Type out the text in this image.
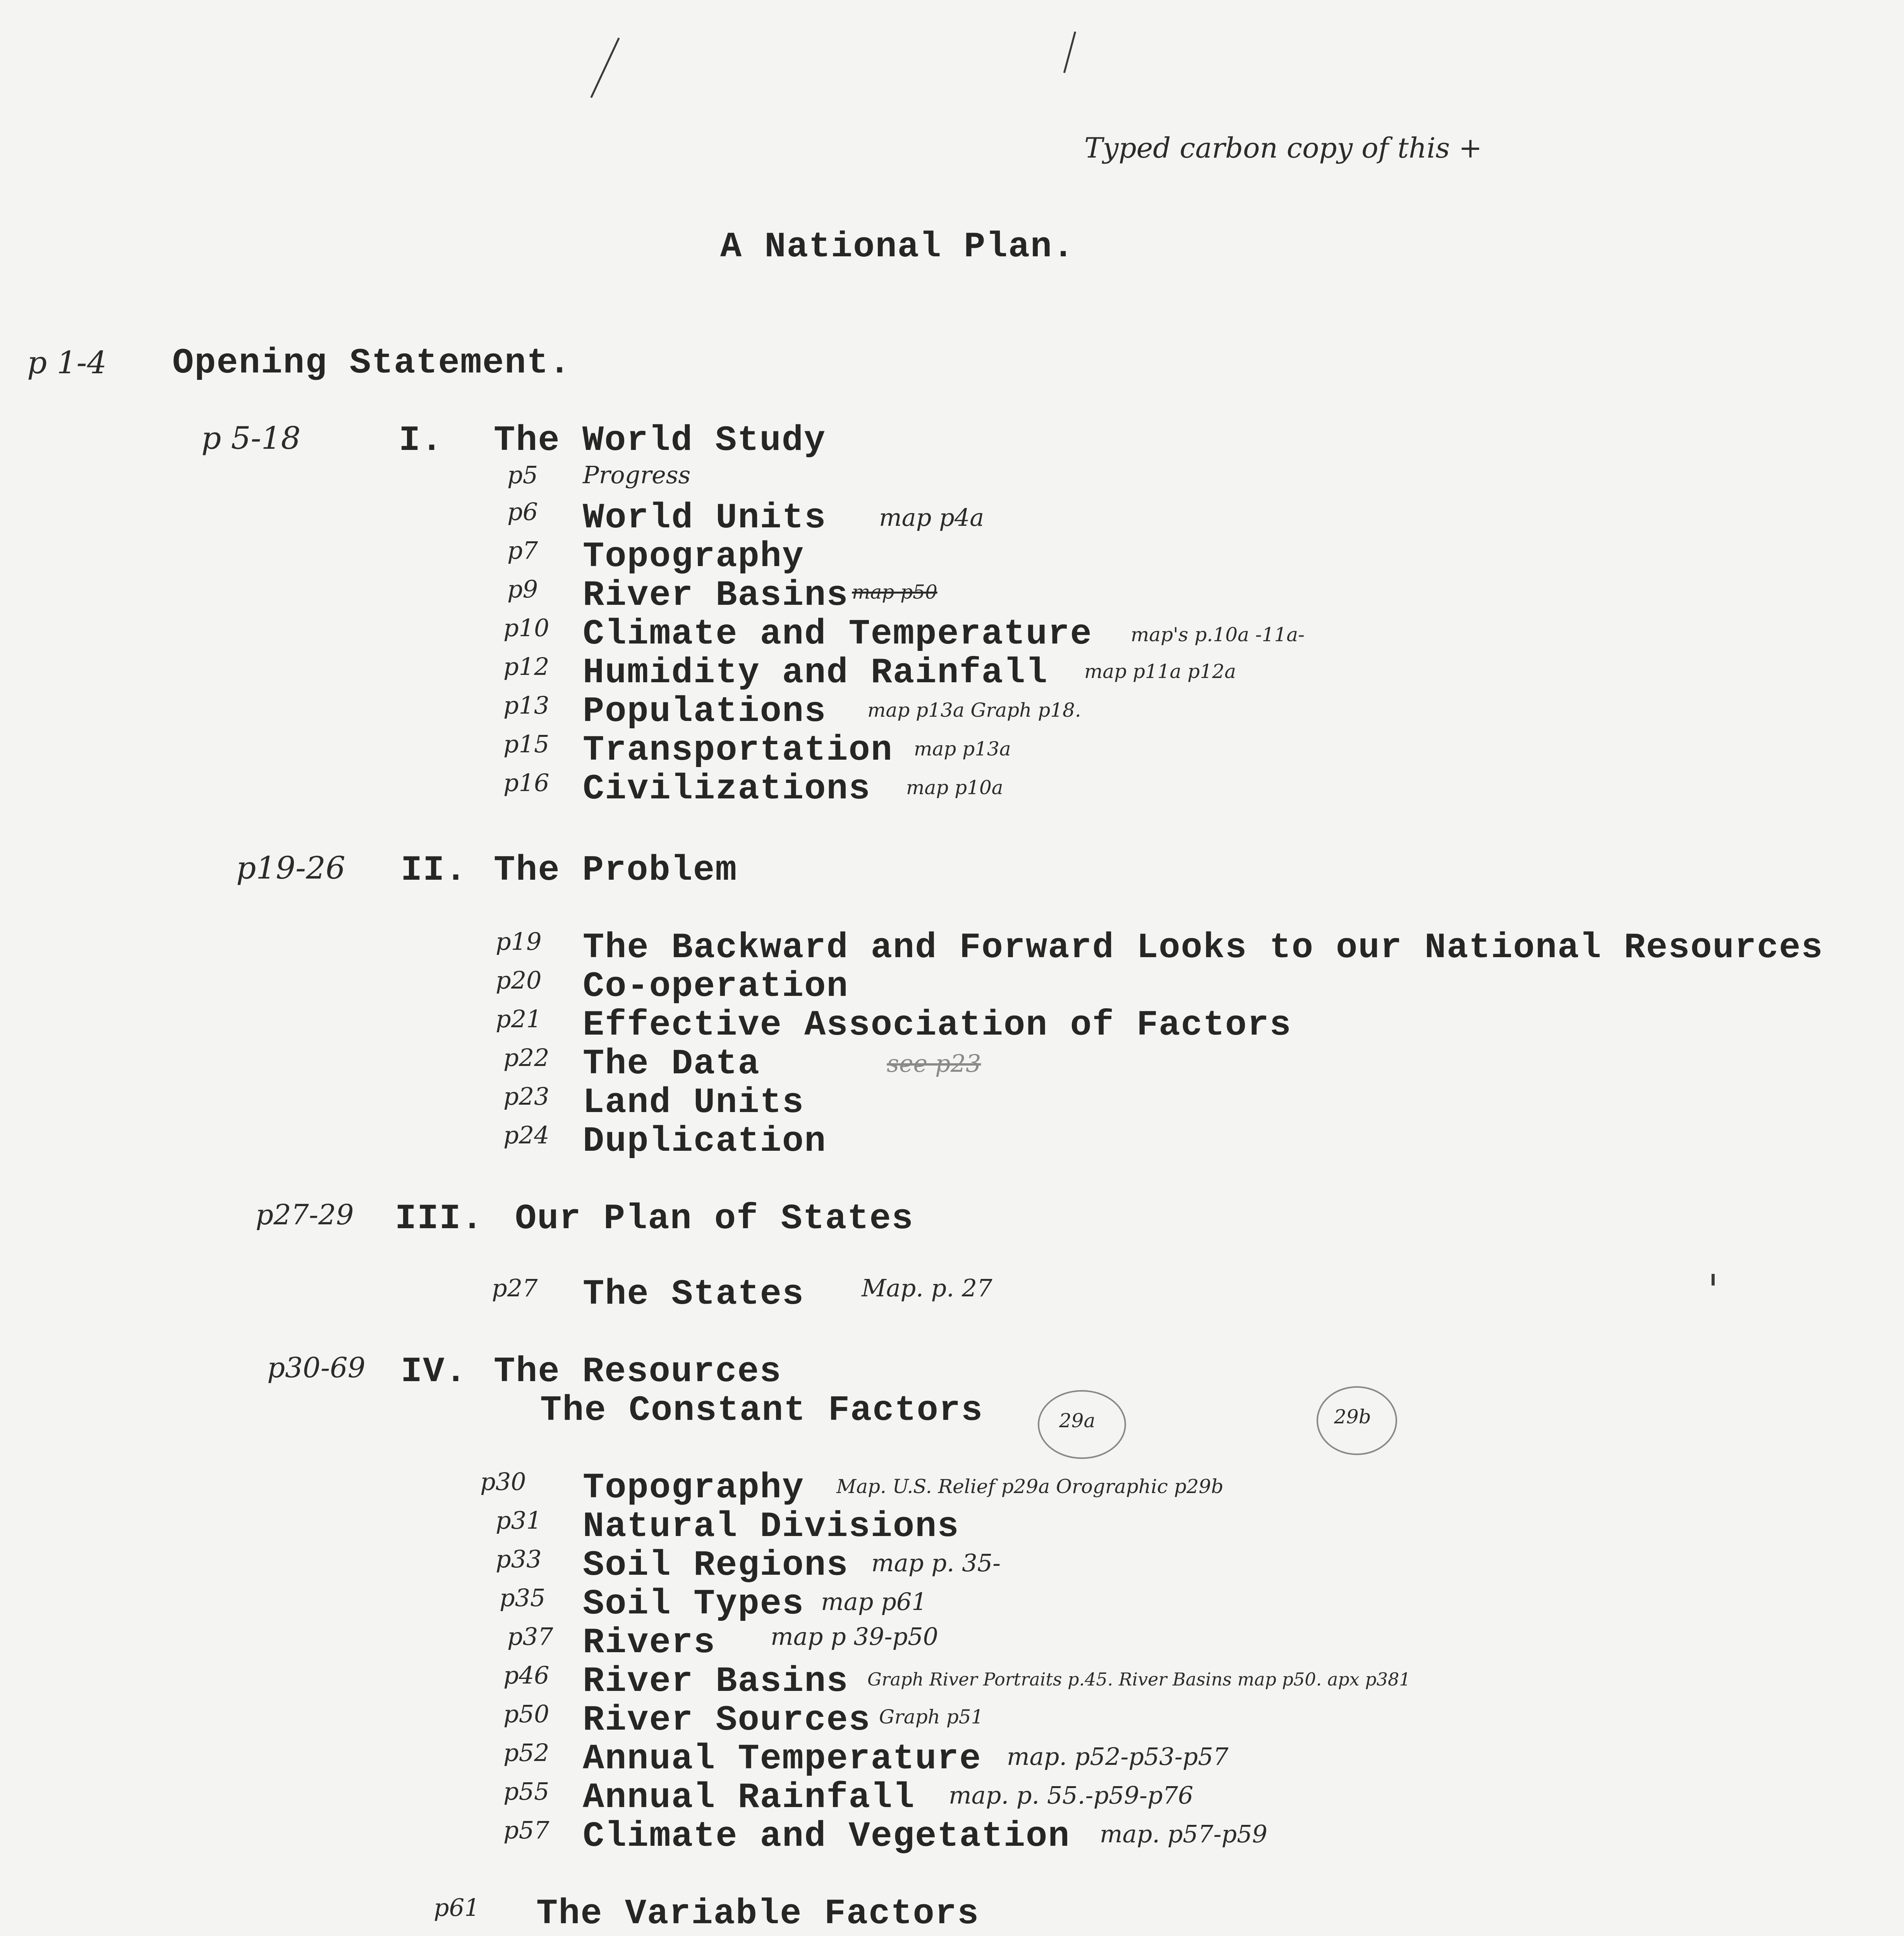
Typed carbon copy of this +
A National Plan.
p 1-4 Opening Statement.
p 5-18	I. The World Study
p5 Progress
p6 World Units map p4a
p7 Topography
p9 River Basins map p50
p10 Climate and Temperature map's p.10a -11a-
p12 Humidity and Rainfall map p11a p12a
p13 Populations map p13a Graph p18.
p15 Transportation map p13a
p16 Civilizations map p10a
p19-26 II. The Problem
p19 The Backward and Forward Looks to our National Resources
p20 Co-operation
p21 Effective Association of Factors
p22 The Data	see p23
p23 Land Units
p24 Duplication
p27-29 III. Our Plan of States
p27 The States Map. p. 27
p30-69 IV. The Resources
The Constant Factors	29a	29b
p30 Topography Map. U.S. Relief p29a Orographic p29b
p31 Natural Divisions
p33 Soil Regions map p. 35-
p35 Soil Types map p61
p37 Rivers map p 39-p50
p46 River Basins Graph River Portraits p.45. River Basins map p50. apx p381
p50 River Sources Graph p51
p52 Annual Temperature map. p52-p53-p57
p55 Annual Rainfall map. p. 55.-p59-p76
p57 Climate and Vegetation map. p57-p59
p61 The Variable Factors
